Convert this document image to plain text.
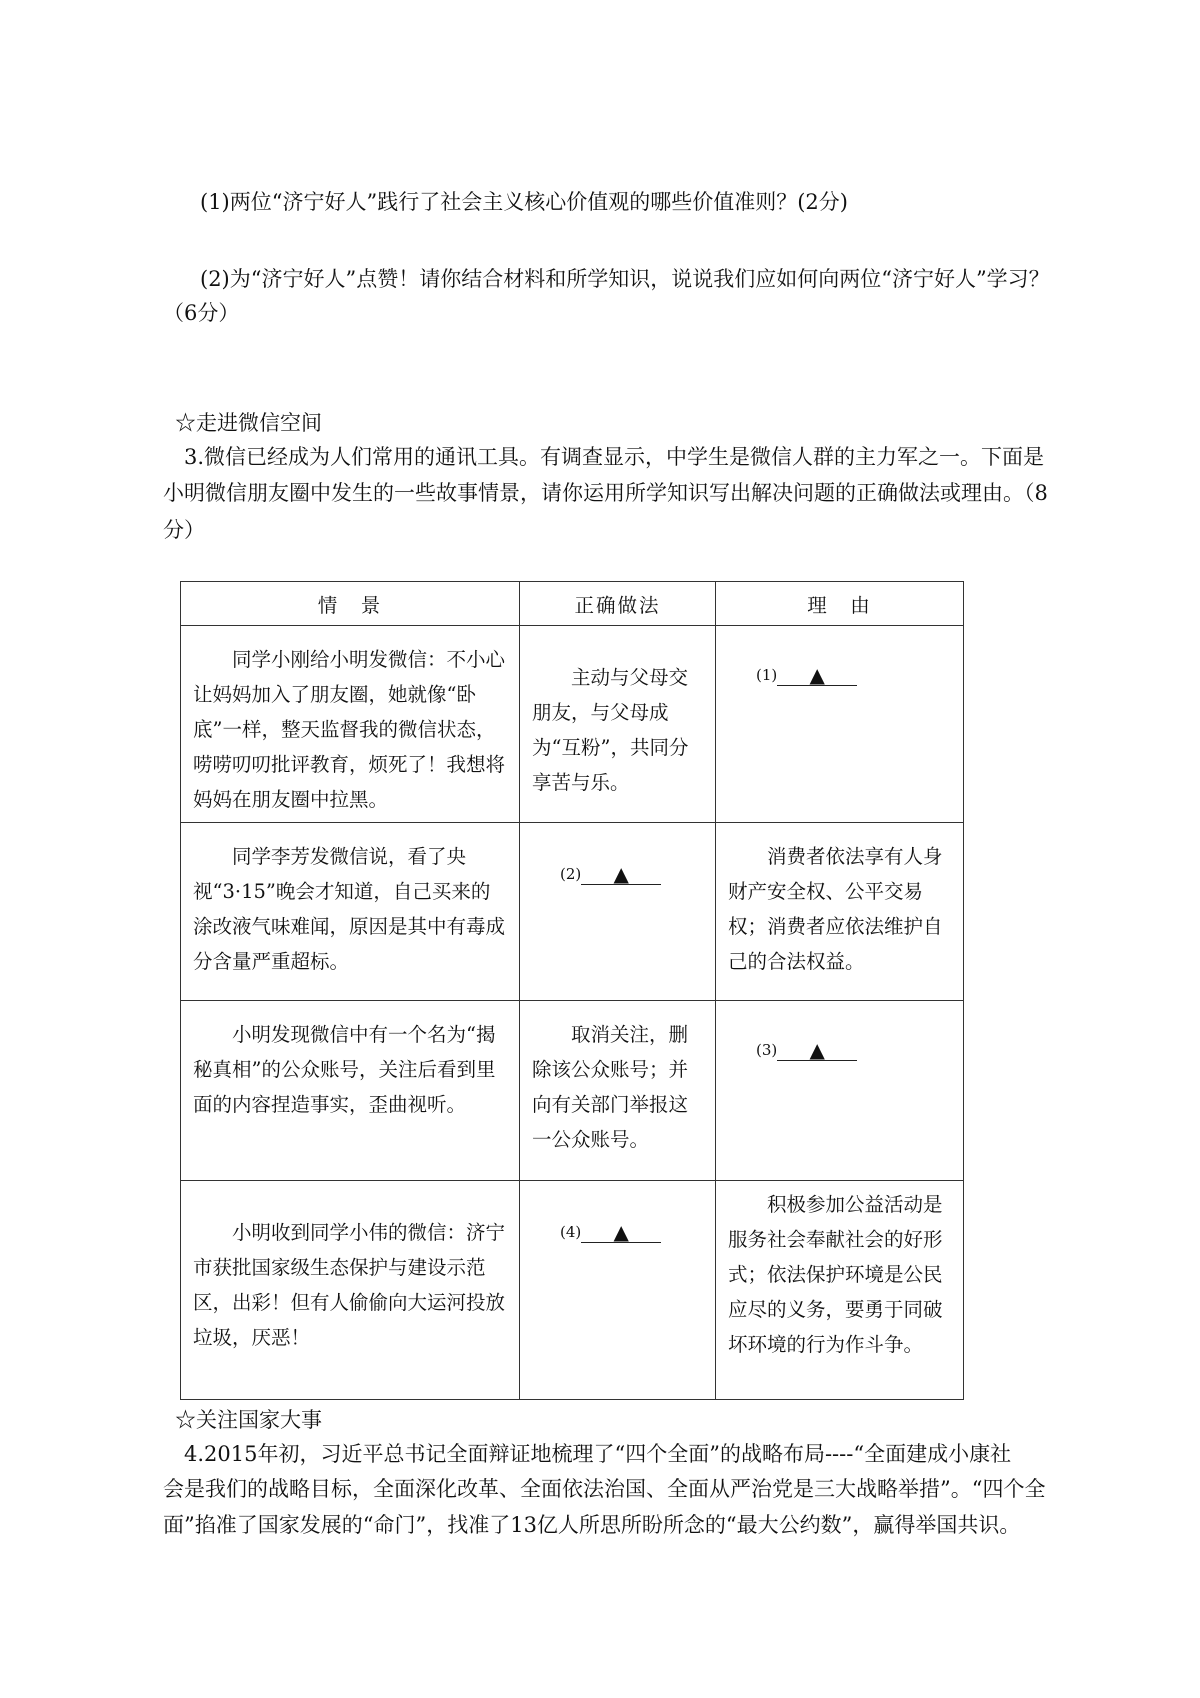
(1)两位“济宁好人”践行了社会主义核心价值观的哪些价值准则？(2分)
(2)为“济宁好人”点赞！请你结合材料和所学知识，说说我们应如何向两位“济宁好人”学习？
（6分）
☆走进微信空间
3.微信已经成为人们常用的通讯工具。有调查显示，中学生是微信人群的主力军之一。下面是
小明微信朋友圈中发生的一些故事情景，请你运用所学知识写出解决问题的正确做法或理由。（8
分）
情　景	正确做法	理　由

同学小刚给小明发微信：不小心让妈妈加入了朋友圈，她就像“卧底”一样，整天监督我的微信状态，唠唠叨叨批评教育，烦死了！我想将妈妈在朋友圈中拉黑。	主动与父母交朋友，与父母成为“互粉”，共同分享苦与乐。	(1) ▲

同学李芳发微信说，看了央视“3·15”晚会才知道，自己买来的涂改液气味难闻，原因是其中有毒成分含量严重超标。	(2) ▲	消费者依法享有人身财产安全权、公平交易权；消费者应依法维护自己的合法权益。

小明发现微信中有一个名为“揭秘真相”的公众账号，关注后看到里面的内容捏造事实，歪曲视听。	取消关注，删除该公众账号；并向有关部门举报这一公众账号。	(3) ▲

小明收到同学小伟的微信：济宁市获批国家级生态保护与建设示范区，出彩！但有人偷偷向大运河投放垃圾，厌恶！	(4) ▲	积极参加公益活动是服务社会奉献社会的好形式；依法保护环境是公民应尽的义务，要勇于同破坏环境的行为作斗争。
☆关注国家大事
4.2015年初，习近平总书记全面辩证地梳理了“四个全面”的战略布局----“全面建成小康社
会是我们的战略目标，全面深化改革、全面依法治国、全面从严治党是三大战略举措”。“四个全
面”掐准了国家发展的“命门”，找准了13亿人所思所盼所念的“最大公约数”，赢得举国共识。
